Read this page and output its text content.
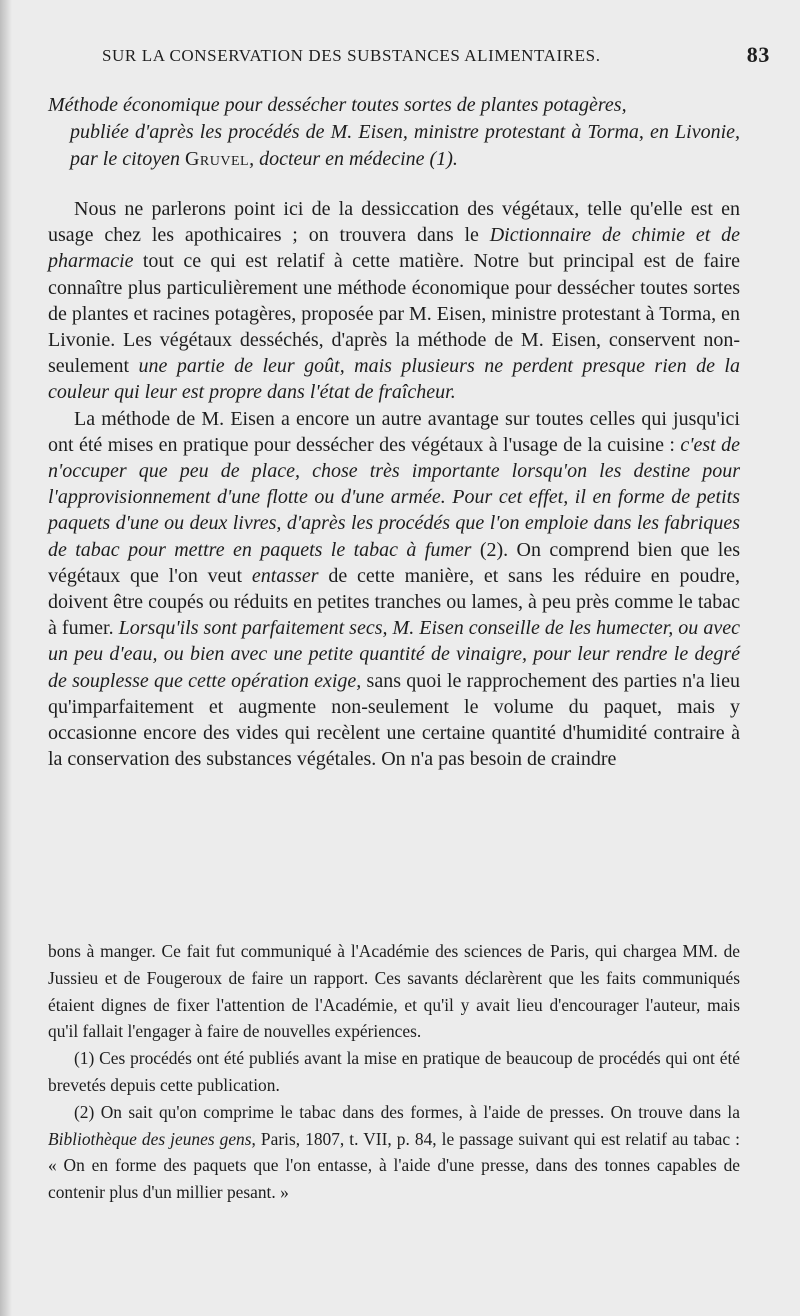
SUR LA CONSERVATION DES SUBSTANCES ALIMENTAIRES.	83
Méthode économique pour dessécher toutes sortes de plantes potagères,
publiée d'après les procédés de M. Eisen, ministre protestant à Torma, en Livonie, par le citoyen Gruvel, docteur en médecine (1).

Nous ne parlerons point ici de la dessiccation des végétaux, telle qu'elle est en usage chez les apothicaires ; on trouvera dans le Dictionnaire de chimie et de pharmacie tout ce qui est relatif à cette matière. Notre but principal est de faire connaître plus particulièrement une méthode économique pour dessécher toutes sortes de plantes et racines potagères, proposée par M. Eisen, ministre protestant à Torma, en Livonie. Les végétaux desséchés, d'après la méthode de M. Eisen, conservent non-seulement une partie de leur goût, mais plusieurs ne perdent presque rien de la couleur qui leur est propre dans l'état de fraîcheur.

La méthode de M. Eisen a encore un autre avantage sur toutes celles qui jusqu'ici ont été mises en pratique pour dessécher des végétaux à l'usage de la cuisine : c'est de n'occuper que peu de place, chose très importante lorsqu'on les destine pour l'approvisionnement d'une flotte ou d'une armée. Pour cet effet, il en forme de petits paquets d'une ou deux livres, d'après les procédés que l'on emploie dans les fabriques de tabac pour mettre en paquets le tabac à fumer (2). On comprend bien que les végétaux que l'on veut entasser de cette manière, et sans les réduire en poudre, doivent être coupés ou réduits en petites tranches ou lames, à peu près comme le tabac à fumer. Lorsqu'ils sont parfaitement secs, M. Eisen conseille de les humecter, ou avec un peu d'eau, ou bien avec une petite quantité de vinaigre, pour leur rendre le degré de souplesse que cette opération exige, sans quoi le rapprochement des parties n'a lieu qu'imparfaitement et augmente non-seulement le volume du paquet, mais y occasionne encore des vides qui recèlent une certaine quantité d'humidité contraire à la conservation des substances végétales. On n'a pas besoin de craindre

bons à manger. Ce fait fut communiqué à l'Académie des sciences de Paris, qui chargea MM. de Jussieu et de Fougeroux de faire un rapport. Ces savants déclarèrent que les faits communiqués étaient dignes de fixer l'attention de l'Académie, et qu'il y avait lieu d'encourager l'auteur, mais qu'il fallait l'engager à faire de nouvelles expériences.

(1) Ces procédés ont été publiés avant la mise en pratique de beaucoup de procédés qui ont été brevetés depuis cette publication.

(2) On sait qu'on comprime le tabac dans des formes, à l'aide de presses. On trouve dans la Bibliothèque des jeunes gens, Paris, 1807, t. VII, p. 84, le passage suivant qui est relatif au tabac : « On en forme des paquets que l'on entasse, à l'aide d'une presse, dans des tonnes capables de contenir plus d'un millier pesant. »
